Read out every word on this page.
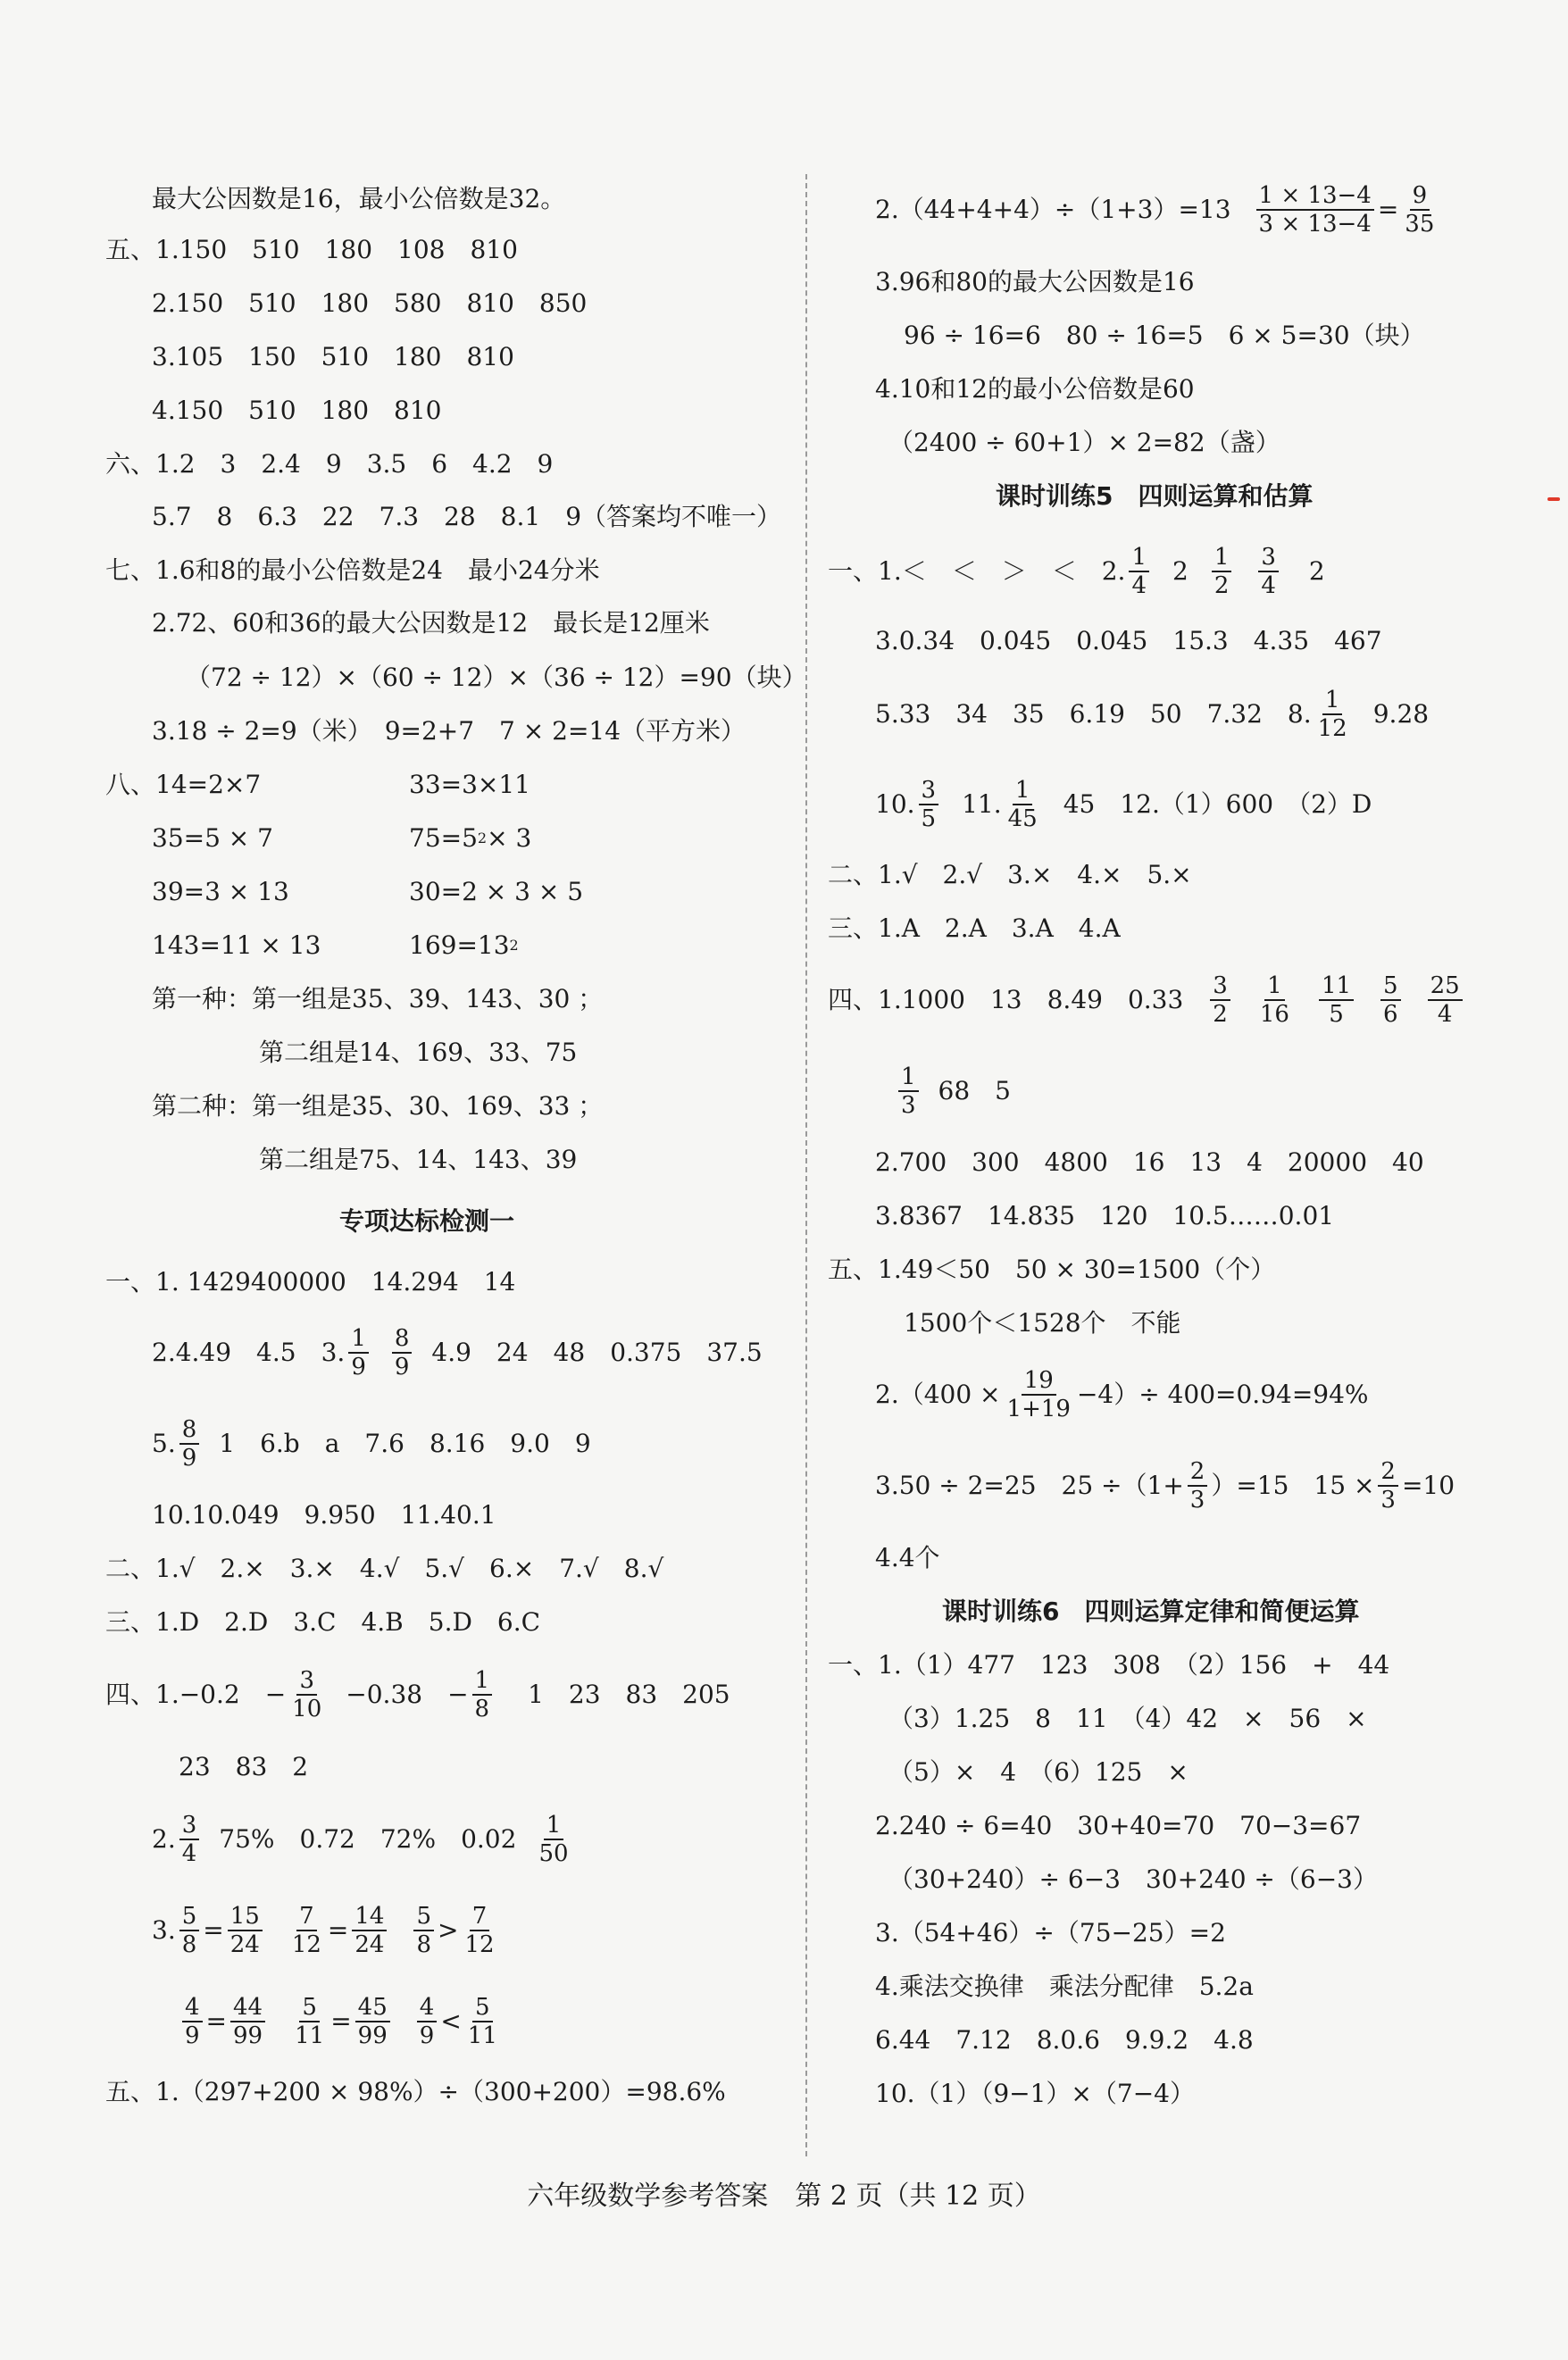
最大公因数是16，最小公倍数是32。
五、1.150　510　180　108　810
2.150　510　180　580　810　850
3.105　150　510　180　810
4.150　510　180　810
六、1.2　3　2.4　9　3.5　6　4.2　9
5.7　8　6.3　22　7.3　28　8.1　9（答案均不唯一）
七、1.6和8的最小公倍数是24　最小24分米
2.72、60和36的最大公因数是12　最长是12厘米
（72 ÷ 12）×（60 ÷ 12）×（36 ÷ 12）=90（块）
3.18 ÷ 2=9（米）　9=2+7　7 × 2=14（平方米）
八、14=2×7	33=3×11
35=5 × 7	75=5 2 × 3
39=3 × 13	30=2 × 3 × 5
143=11 × 13	169=13 2
第一种：第一组是35、39、143、30 ；
第二组是14、169、33、75
第二种：第一组是35、30、169、33 ；
第二组是75、14、143、39
专项达标检测一
一、1. 1429400000　14.294　14
2.4.49　4.5　3. $\frac{1}{9} \frac{8}{9} 4.9$　24　48　0.375　37.5
5. $\frac{8}{9} 1$　6.b　a　7.6　8.16　9.0　9
10.10.049　9.950　11.40.1
二、1.√　2.×　3.×　4.√　5.√　6.×　7.√　8.√
三、1.D　2.D　3.C　4.B　5.D　6.C
四、1.−0.2　− $\frac{3}{10} -0.38$　− $\frac{1}{8} 1$　23　83　205
23　83　2
2. $\frac{3}{4} 75\%$　0.72　72%　$0.02 \frac{1}{50}$
3. $\frac{5}{8} = \frac{15}{24} \frac{7}{12} = \frac{14}{24} \frac{5}{8} > \frac{7}{12}$
$\frac{4}{9} = \frac{44}{99} \frac{5}{11} = \frac{45}{99} \frac{4}{9} < \frac{5}{11}$
五、1.（297+200 × 98%）÷（300+200）=98.6%
$2.(44+4+4)\div(1+3)=13 \frac{1 \times 13-4}{3 \times 13-4} = \frac{9}{35}$
3.96和80的最大公因数是16
96 ÷ 16=6　80 ÷ 16=5　6 × 5=30（块）
4.10和12的最小公倍数是60
（2400 ÷ 60+1）× 2=82（盏）
课时训练5　四则运算和估算
一、1.＜　＜　＞　＜　2. $\frac{1}{4} 2 \frac{1}{2} \frac{3}{4} 2$
3.0.34　0.045　0.045　15.3　4.35　467
5.33　34　35　6.19　50　7.32　8. $\frac{1}{12} 9.28$
10. $\frac{3}{5} 11$. $\frac{1}{45} 45$　12.（1）600　（2）D
二、1.√　2.√　3.×　4.×　5.×
三、1.A　2.A　3.A　4.A
四、1.1000　13　8.49　$0.33 \frac{3}{2} \frac{1}{16} \frac{11}{5} \frac{5}{6} \frac{25}{4}$
$\frac{1}{3} 68$　5
2.700　300　4800　16　13　4　20000　40
3.8367　14.835　120　10.5……0.01
五、1.49＜50　50 × 30=1500（个）
1500个＜1528个　不能
$2.(400 \times \frac{19}{1+19} -4)\div 400=0.94=94\%$
3.50 ÷ 2=25　$25 \div(1+ \frac{2}{3} )=15$　$15 \times \frac{2}{3} =10$
4.4个
课时训练6　四则运算定律和简便运算
一、1.（1）477　123　308　（2）156　+　44
（3）1.25　8　11　（4）42　×　56　×
（5）×　4　（6）125　×
2.240 ÷ 6=40　30+40=70　70−3=67
（30+240）÷ 6−3　30+240 ÷（6−3）
3.（54+46）÷（75−25）=2
4.乘法交换律　乘法分配律　5.2a
6.44　7.12　8.0.6　9.9.2　4.8
10.（1）（9−1）×（7−4）
六年级数学参考答案　第 2 页（共 12 页）
